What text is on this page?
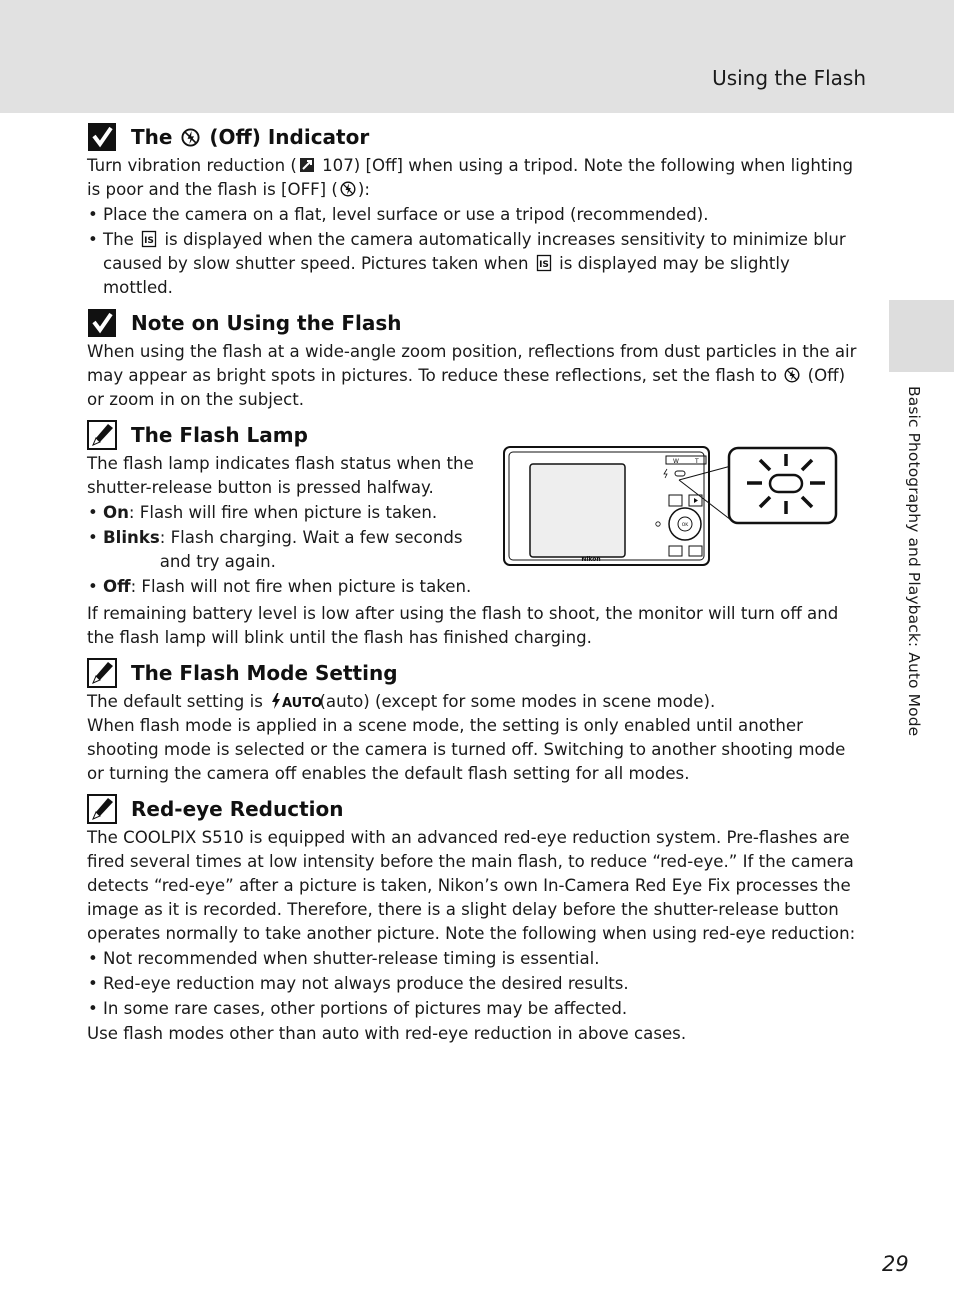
Using the Flash
Basic Photography and Playback: Auto Mode
The (Off) Indicator

Turn vibration reduction ( 107) [Off] when using a tripod. Note the following when lighting is poor and the flash is [OFF] ( ):

• Place the camera on a flat, level surface or use a tripod (recommended).
• The IS is displayed when the camera automatically increases sensitivity to minimize blur caused by slow shutter speed. Pictures taken when IS is displayed may be slightly mottled.
Note on Using the Flash

When using the flash at a wide-angle zoom position, reflections from dust particles in the air may appear as bright spots in pictures. To reduce these reflections, set the flash to (Off) or zoom in on the subject.

The Flash Lamp

The flash lamp indicates flash status when the shutter-release button is pressed halfway.

• On: Flash will fire when picture is taken.
• Blinks : Flash charging. Wait a few seconds and try again.
• Off: Flash will not fire when picture is taken.

If remaining battery level is low after using the flash to shoot, the monitor will turn off and the flash lamp will blink until the flash has finished charging.

W	T
OK
Nikon
The Flash Mode Setting

The default setting is AUTO
(auto) (except for some modes in scene mode).

When flash mode is applied in a scene mode, the setting is only enabled until another shooting mode is selected or the camera is turned off. Switching to another shooting mode or turning the camera off enables the default flash setting for all modes.

Red-eye Reduction

The COOLPIX S510 is equipped with an advanced red-eye reduction system. Pre-flashes are fired several times at low intensity before the main flash, to reduce “red-eye.” If the camera detects “red-eye” after a picture is taken, Nikon’s own In-Camera Red Eye Fix processes the image as it is recorded. Therefore, there is a slight delay before the shutter-release button operates normally to take another picture. Note the following when using red-eye reduction:

• Not recommended when shutter-release timing is essential.
• Red-eye reduction may not always produce the desired results.
• In some rare cases, other portions of pictures may be affected.

Use flash modes other than auto with red-eye reduction in above cases.

29
